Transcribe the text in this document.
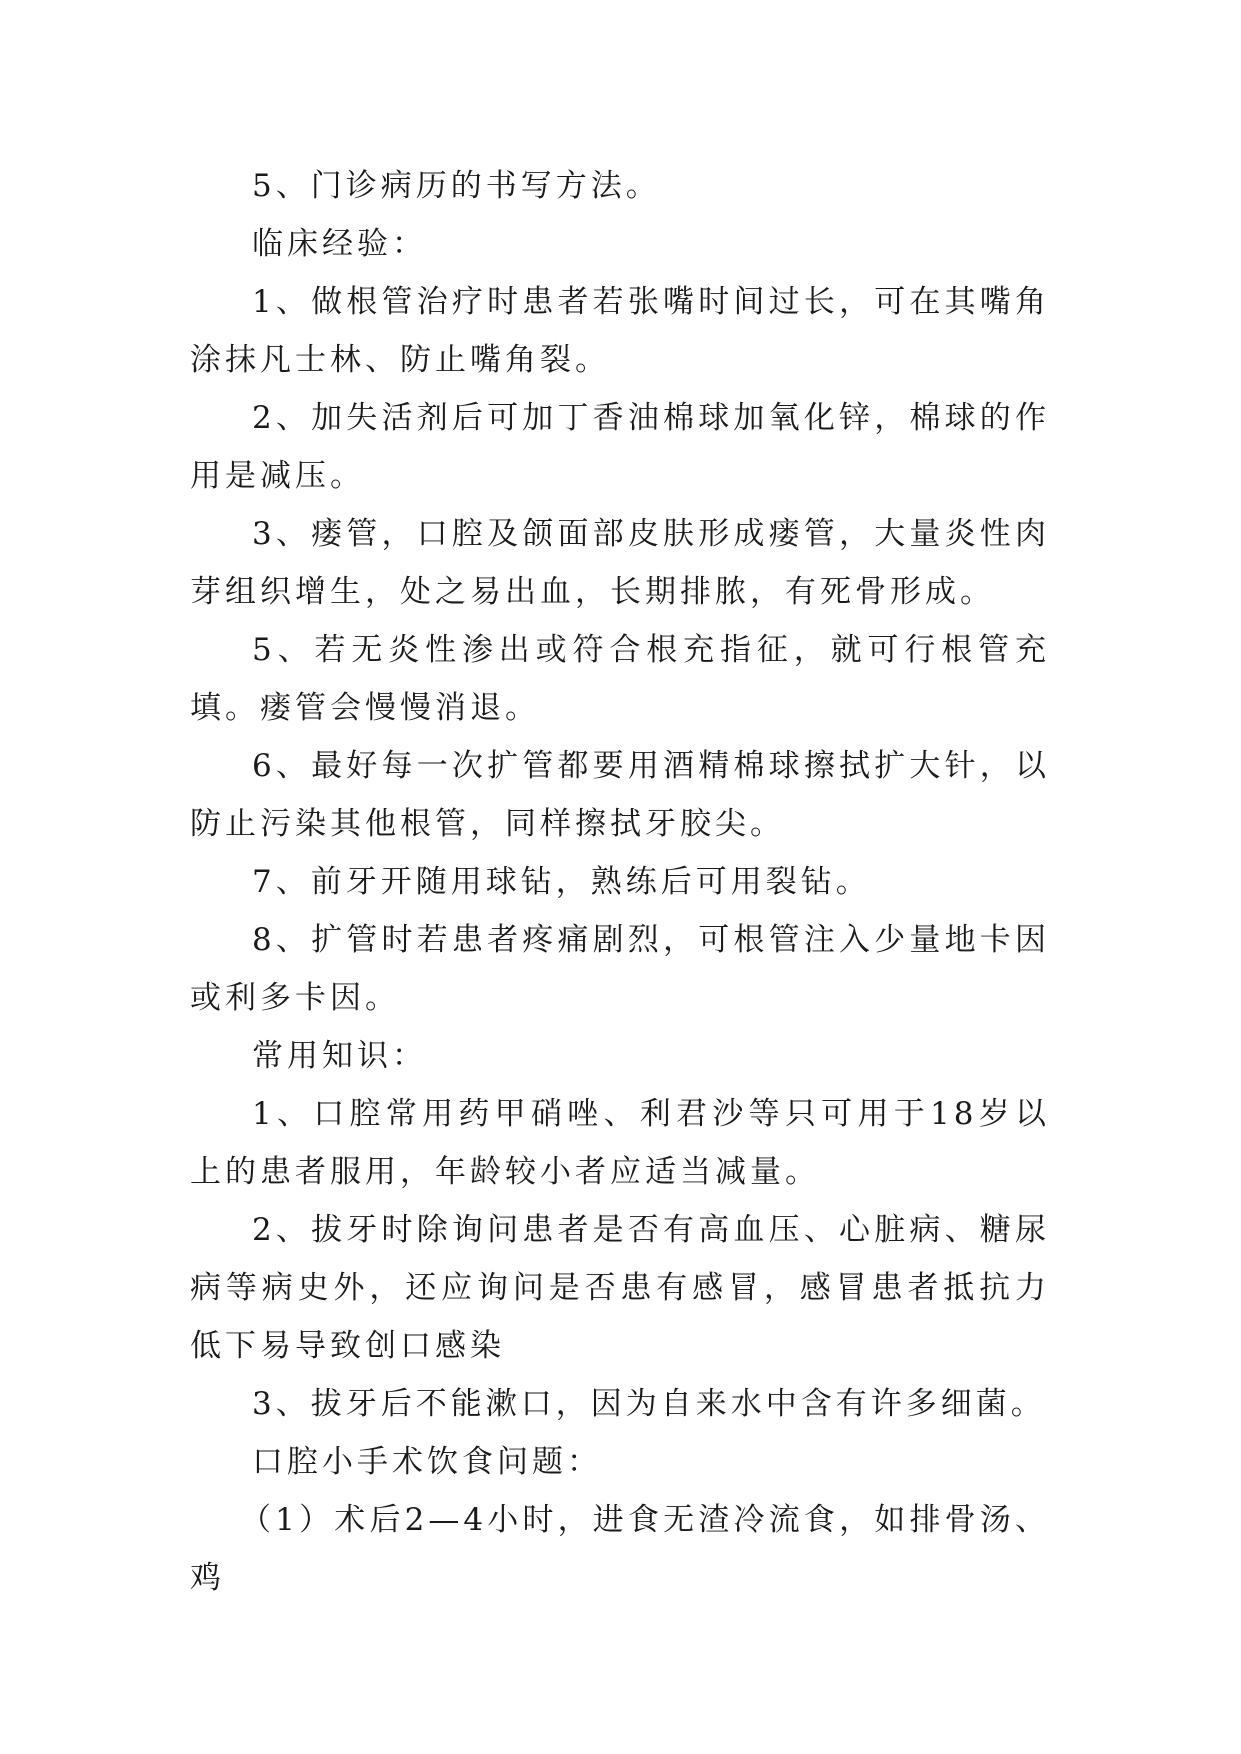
5、门诊病历的书写方法。

临床经验：

1、做根管治疗时患者若张嘴时间过长，可在其嘴角涂抹凡士林、防止嘴角裂。

2、加失活剂后可加丁香油棉球加氧化锌，棉球的作用是减压。

3、瘘管，口腔及颌面部皮肤形成瘘管，大量炎性肉芽组织增生，处之易出血，长期排脓，有死骨形成。

5、若无炎性渗出或符合根充指征，就可行根管充填。瘘管会慢慢消退。

6、最好每一次扩管都要用酒精棉球擦拭扩大针，以防止污染其他根管，同样擦拭牙胶尖。

7、前牙开随用球钻，熟练后可用裂钻。

8、扩管时若患者疼痛剧烈，可根管注入少量地卡因或利多卡因。

常用知识：

1、口腔常用药甲硝唑、利君沙等只可用于18岁以上的患者服用，年龄较小者应适当减量。

2、拔牙时除询问患者是否有高血压、心脏病、糖尿病等病史外，还应询问是否患有感冒，感冒患者抵抗力低下易导致创口感染

3、拔牙后不能漱口，因为自来水中含有许多细菌。

口腔小手术饮食问题：

（1）术后2—4小时，进食无渣冷流食，如排骨汤、鸡
